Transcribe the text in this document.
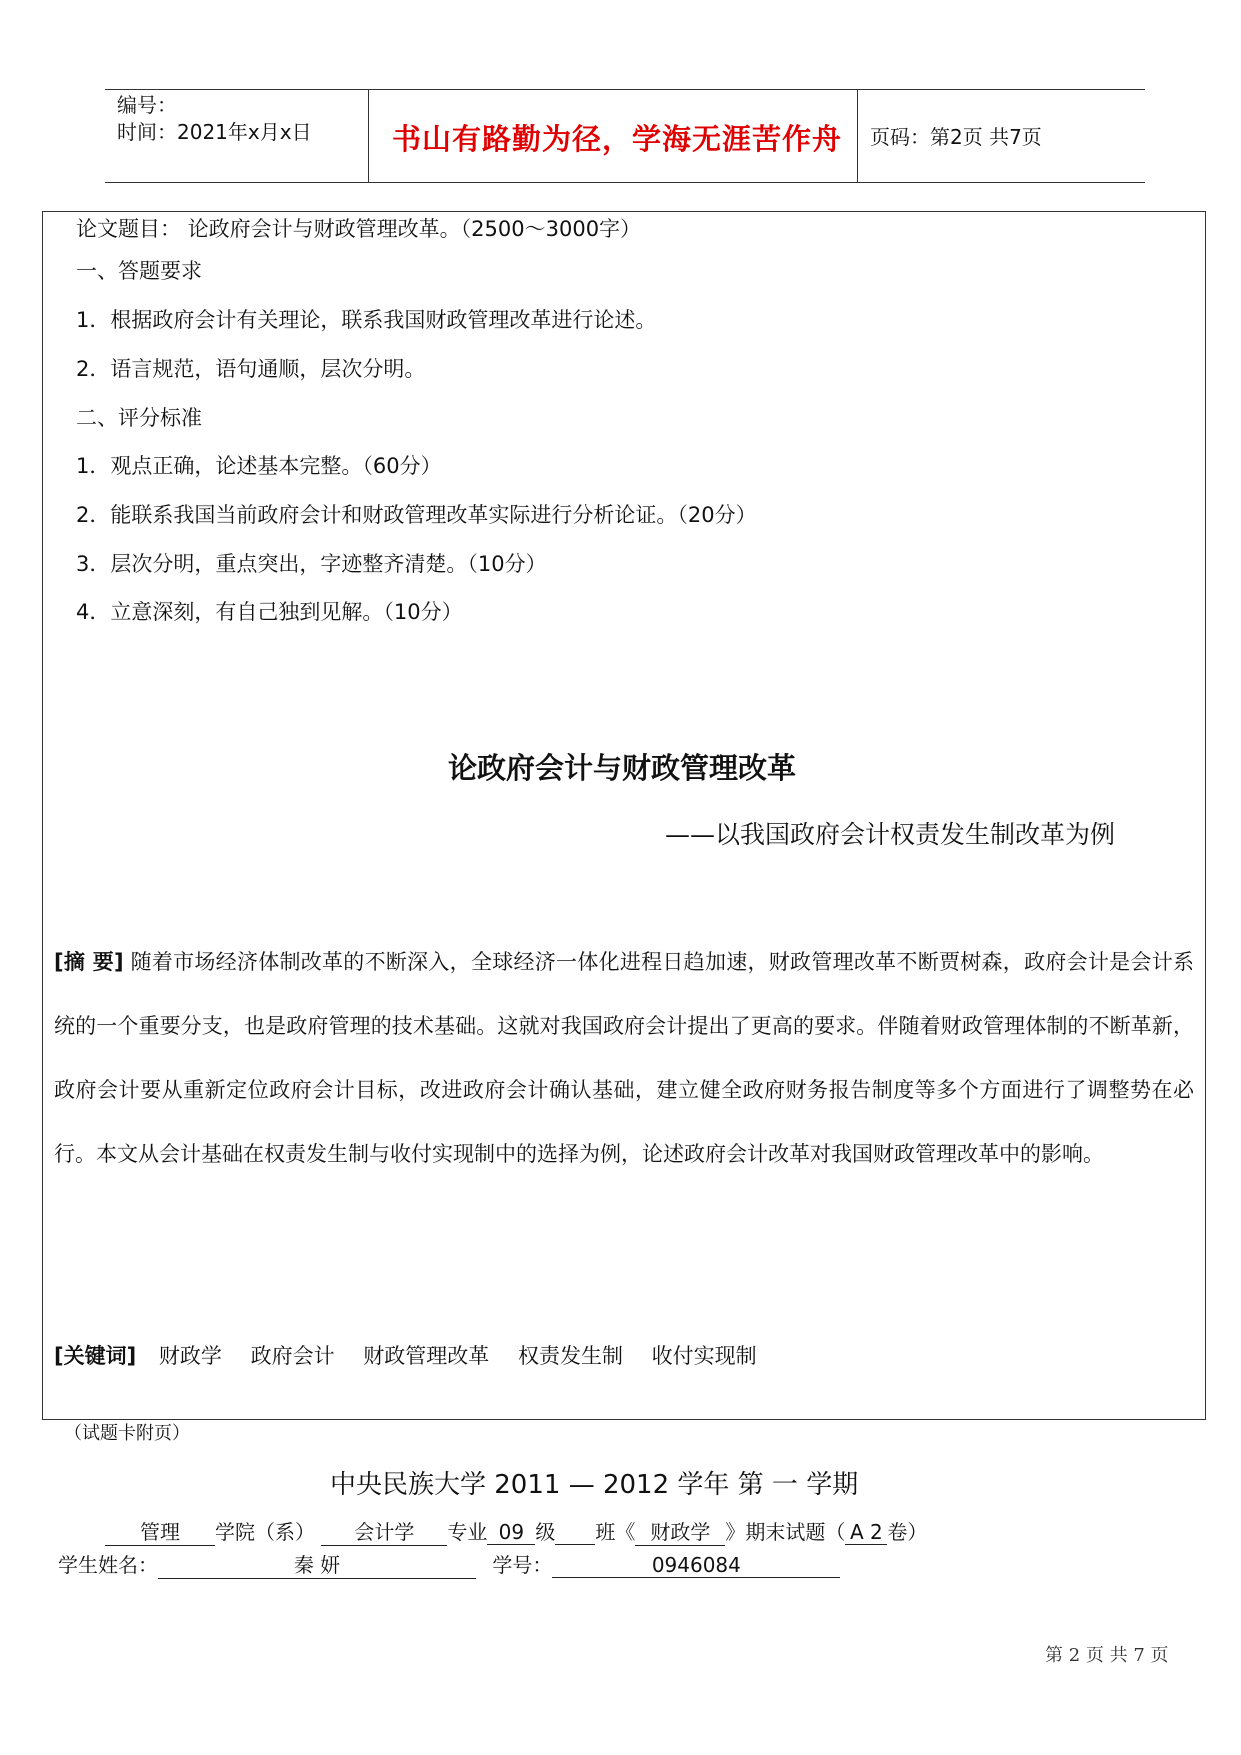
编号：
时间：2021年x月x日	书山有路勤为径，学海无涯苦作舟 页码：第2页 共7页
论文题目： 论政府会计与财政管理改革。（2500～3000字）
一、答题要求
1．根据政府会计有关理论，联系我国财政管理改革进行论述。
2．语言规范，语句通顺，层次分明。
二、评分标准
1．观点正确，论述基本完整。（60分）
2．能联系我国当前政府会计和财政管理改革实际进行分析论证。（20分）
3．层次分明，重点突出，字迹整齐清楚。（10分）
4．立意深刻，有自己独到见解。（10分）
论政府会计与财政管理改革
——以我国政府会计权责发生制改革为例
[摘 要] 随着市场经济体制改革的不断深入，全球经济一体化进程日趋加速，财政管理改革不断贾树森，政府会计是会计系统的一个重要分支，也是政府管理的技术基础。这就对我国政府会计提出了更高的要求。伴随着财政管理体制的不断革新，政府会计要从重新定位政府会计目标，改进政府会计确认基础，建立健全政府财务报告制度等多个方面进行了调整势在必行。本文从会计基础在权责发生制与收付实现制中的选择为例，论述政府会计改革对我国财政管理改革中的影响。
[关键词] 财政学 政府会计 财政管理改革 权责发生制 收付实现制
（试题卡附页）
中央民族大学 2011 — 2012 学年 第 一 学期
管理 学院（系） 会计学 专业 09 级 班《 财政学 》期末试题（ A 2 卷）
学生姓名：	秦 妍	学号：	0946084
第 2 页 共 7 页
